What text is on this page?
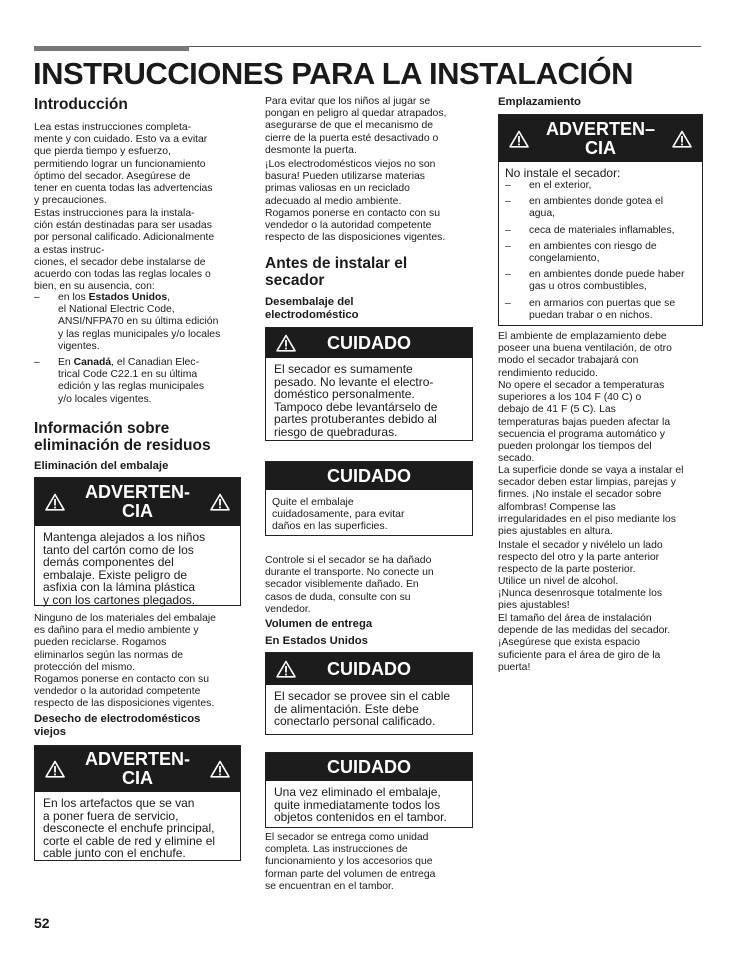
INSTRUCCIONES PARA LA INSTALACIÓN
Introducción
Lea estas instrucciones completa-
mente y con cuidado. Esto va a evitar
que pierda tiempo y esfuerzo,
permitiendo lograr un funcionamiento
óptimo del secador. Asegúrese de
tener en cuenta todas las advertencias
y precauciones.
Estas instrucciones para la instala-
ción están destinadas para ser usadas
por personal calificado. Adicionalmente
a estas instruc-
ciones, el secador debe instalarse de
acuerdo con todas las reglas locales o
bien, en su ausencia, con:
–	en los Estados Unidos,
el National Electric Code,
ANSI/NFPA70 en su última edición
y las reglas municipales y/o locales
vigentes.
–	En Canadá, el Canadian Elec-
trical Code C22.1 en su última
edición y las reglas municipales
y/o locales vigentes.
Información sobre
eliminación de residuos
Eliminación del embalaje
ADVERTEN-
CIA
Mantenga alejados a los niños
tanto del cartón como de los
demás componentes del
embalaje. Existe peligro de
asfixia con la lámina plástica
y con los cartones plegados.
Ninguno de los materiales del embalaje
es dañino para el medio ambiente y
pueden reciclarse. Rogamos
eliminarlos según las normas de
protección del mismo.
Rogamos ponerse en contacto con su
vendedor o la autoridad competente
respecto de las disposiciones vigentes.
Desecho de electrodomésticos
viejos
ADVERTEN-
CIA
En los artefactos que se van
a poner fuera de servicio,
desconecte el enchufe principal,
corte el cable de red y elimine el
cable junto con el enchufe.
Para evitar que los niños al jugar se
pongan en peligro al quedar atrapados,
asegurarse de que el mecanismo de
cierre de la puerta esté desactivado o
desmonte la puerta.
¡Los electrodomésticos viejos no son
basura! Pueden utilizarse materias
primas valiosas en un reciclado
adecuado al medio ambiente.
Rogamos ponerse en contacto con su
vendedor o la autoridad competente
respecto de las disposiciones vigentes.
Antes de instalar el
secador
Desembalaje del
electrodoméstico
CUIDADO
El secador es sumamente
pesado. No levante el electro-
doméstico personalmente.
Tampoco debe levantárselo de
partes protuberantes debido al
riesgo de quebraduras.
CUIDADO
Quite el embalaje
cuidadosamente, para evitar
daños en las superficies.
Controle si el secador se ha dañado
durante el transporte. No conecte un
secador visiblemente dañado. En
casos de duda, consulte con su
vendedor.
Volumen de entrega
En Estados Unidos
CUIDADO
El secador se provee sin el cable
de alimentación. Este debe
conectarlo personal calificado.
CUIDADO
Una vez eliminado el embalaje,
quite inmediatamente todos los
objetos contenidos en el tambor.
El secador se entrega como unidad
completa. Las instrucciones de
funcionamiento y los accesorios que
forman parte del volumen de entrega
se encuentran en el tambor.
Emplazamiento
ADVERTEN–
CIA
No instale el secador:
–	en el exterior,
–	en ambientes donde gotea el
agua,
–	ceca de materiales inflamables,
–	en ambientes con riesgo de
congelamiento,
–	en ambientes donde puede haber
gas u otros combustibles,
–	en armarios con puertas que se
puedan trabar o en nichos.
El ambiente de emplazamiento debe
poseer una buena ventilación, de otro
modo el secador trabajará con
rendimiento reducido.
No opere el secador a temperaturas
superiores a los 104 F (40 C) o
debajo de 41 F (5 C). Las
temperaturas bajas pueden afectar la
secuencia el programa automático y
pueden prolongar los tiempos del
secado.
La superficie donde se vaya a instalar el
secador deben estar limpias, parejas y
firmes. ¡No instale el secador sobre
alfombras! Compense las
irregularidades en el piso mediante los
pies ajustables en altura.
Instale el secador y nivélelo un lado
respecto del otro y la parte anterior
respecto de la parte posterior.
Utilice un nivel de alcohol.
¡Nunca desenrosque totalmente los
pies ajustables!
El tamaño del área de instalación
depende de las medidas del secador.
¡Asegúrese que exista espacio
suficiente para el área de giro de la
puerta!
52
